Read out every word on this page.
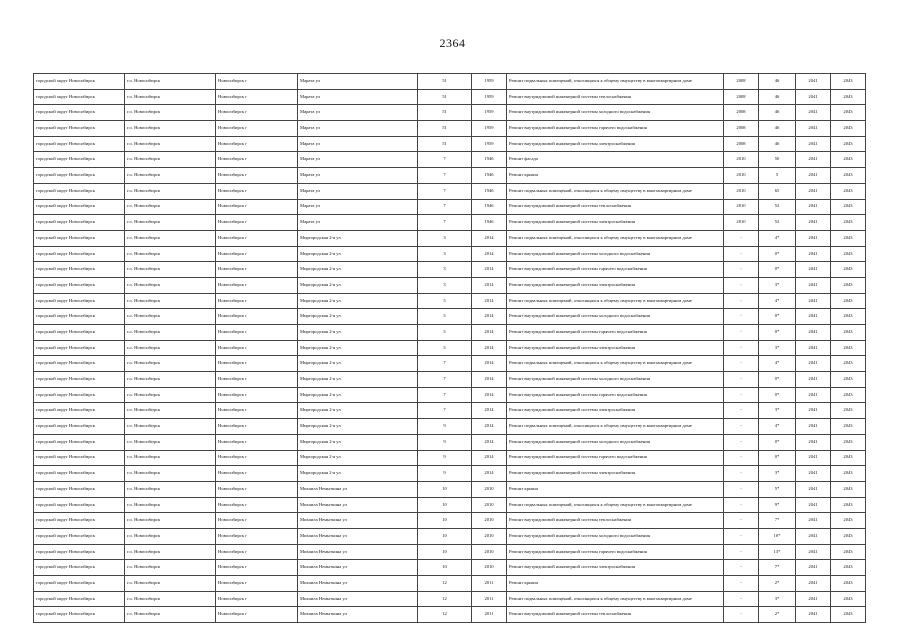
2364
городской округ Новосибирск	г.о. Новосибирск	Новосибирск г	Марата ул	51	1959	Ремонт подвальных помещений, относящихся к общему имуществу в многоквартирном доме	2008	46	2041	2043
городской округ Новосибирск	г.о. Новосибирск	Новосибирск г	Марата ул	51	1959	Ремонт внутридомовой инженерной системы теплоснабжения	2008	46	2041	2043
городской округ Новосибирск	г.о. Новосибирск	Новосибирск г	Марата ул	51	1959	Ремонт внутридомовой инженерной системы холодного водоснабжения	2008	46	2041	2043
городской округ Новосибирск	г.о. Новосибирск	Новосибирск г	Марата ул	51	1959	Ремонт внутридомовой инженерной системы горячего водоснабжения	2008	46	2041	2043
городской округ Новосибирск	г.о. Новосибирск	Новосибирск г	Марата ул	51	1959	Ремонт внутридомовой инженерной системы электроснабжения	2008	46	2041	2043
городской округ Новосибирск	г.о. Новосибирск	Новосибирск г	Марата ул	7	1946	Ремонт фасада	2010	50	2041	2043
городской округ Новосибирск	г.о. Новосибирск	Новосибирск г	Марата ул	7	1946	Ремонт крыши	2010	5	2041	2043
городской округ Новосибирск	г.о. Новосибирск	Новосибирск г	Марата ул	7	1946	Ремонт подвальных помещений, относящихся к общему имуществу в многоквартирном доме	2010	65	2041	2043
городской округ Новосибирск	г.о. Новосибирск	Новосибирск г	Марата ул	7	1946	Ремонт внутридомовой инженерной системы теплоснабжения	2010	52	2041	2043
городской округ Новосибирск	г.о. Новосибирск	Новосибирск г	Марата ул	7	1946	Ремонт внутридомовой инженерной системы электроснабжения	2010	52	2041	2043
городской округ Новосибирск	г.о. Новосибирск	Новосибирск г	Миргородская 2-я ул	3	2014	Ремонт подвальных помещений, относящихся к общему имуществу в многоквартирном доме	-	4*	2041	2043
городской округ Новосибирск	г.о. Новосибирск	Новосибирск г	Миргородская 2-я ул	3	2014	Ремонт внутридомовой инженерной системы холодного водоснабжения	-	0*	2041	2043
городской округ Новосибирск	г.о. Новосибирск	Новосибирск г	Миргородская 2-я ул	3	2014	Ремонт внутридомовой инженерной системы горячего водоснабжения	-	0*	2041	2043
городской округ Новосибирск	г.о. Новосибирск	Новосибирск г	Миргородская 2-я ул	3	2014	Ремонт внутридомовой инженерной системы электроснабжения	-	3*	2041	2043
городской округ Новосибирск	г.о. Новосибирск	Новосибирск г	Миргородская 2-я ул	5	2014	Ремонт подвальных помещений, относящихся к общему имуществу в многоквартирном доме	-	4*	2041	2043
городской округ Новосибирск	г.о. Новосибирск	Новосибирск г	Миргородская 2-я ул	5	2014	Ремонт внутридомовой инженерной системы холодного водоснабжения	-	0*	2041	2043
городской округ Новосибирск	г.о. Новосибирск	Новосибирск г	Миргородская 2-я ул	5	2014	Ремонт внутридомовой инженерной системы горячего водоснабжения	-	0*	2041	2043
городской округ Новосибирск	г.о. Новосибирск	Новосибирск г	Миргородская 2-я ул	5	2014	Ремонт внутридомовой инженерной системы электроснабжения	-	3*	2041	2043
городской округ Новосибирск	г.о. Новосибирск	Новосибирск г	Миргородская 2-я ул	7	2014	Ремонт подвальных помещений, относящихся к общему имуществу в многоквартирном доме	-	4*	2041	2043
городской округ Новосибирск	г.о. Новосибирск	Новосибирск г	Миргородская 2-я ул	7	2014	Ремонт внутридомовой инженерной системы холодного водоснабжения	-	0*	2041	2043
городской округ Новосибирск	г.о. Новосибирск	Новосибирск г	Миргородская 2-я ул	7	2014	Ремонт внутридомовой инженерной системы горячего водоснабжения	-	0*	2041	2043
городской округ Новосибирск	г.о. Новосибирск	Новосибирск г	Миргородская 2-я ул	7	2014	Ремонт внутридомовой инженерной системы электроснабжения	-	3*	2041	2043
городской округ Новосибирск	г.о. Новосибирск	Новосибирск г	Миргородская 2-я ул	9	2014	Ремонт подвальных помещений, относящихся к общему имуществу в многоквартирном доме	-	4*	2041	2043
городской округ Новосибирск	г.о. Новосибирск	Новосибирск г	Миргородская 2-я ул	9	2014	Ремонт внутридомовой инженерной системы холодного водоснабжения	-	0*	2041	2043
городской округ Новосибирск	г.о. Новосибирск	Новосибирск г	Миргородская 2-я ул	9	2014	Ремонт внутридомовой инженерной системы горячего водоснабжения	-	0*	2041	2043
городской округ Новосибирск	г.о. Новосибирск	Новосибирск г	Миргородская 2-я ул	9	2014	Ремонт внутридомовой инженерной системы электроснабжения	-	3*	2041	2043
городской округ Новосибирск	г.о. Новосибирск	Новосибирск г	Михаила Немыткина ул	10	2010	Ремонт крыши	-	5*	2041	2043
городской округ Новосибирск	г.о. Новосибирск	Новосибирск г	Михаила Немыткина ул	10	2010	Ремонт подвальных помещений, относящихся к общему имуществу в многоквартирном доме	-	9*	2041	2043
городской округ Новосибирск	г.о. Новосибирск	Новосибирск г	Михаила Немыткина ул	10	2010	Ремонт внутридомовой инженерной системы теплоснабжения	-	7*	2041	2043
городской округ Новосибирск	г.о. Новосибирск	Новосибирск г	Михаила Немыткина ул	10	2010	Ремонт внутридомовой инженерной системы холодного водоснабжения	-	10*	2041	2043
городской округ Новосибирск	г.о. Новосибирск	Новосибирск г	Михаила Немыткина ул	10	2010	Ремонт внутридомовой инженерной системы горячего водоснабжения	-	13*	2041	2043
городской округ Новосибирск	г.о. Новосибирск	Новосибирск г	Михаила Немыткина ул	10	2010	Ремонт внутридомовой инженерной системы электроснабжения	-	7*	2041	2043
городской округ Новосибирск	г.о. Новосибирск	Новосибирск г	Михаила Немыткина ул	12	2011	Ремонт крыши	-	2*	2041	2043
городской округ Новосибирск	г.о. Новосибирск	Новосибирск г	Михаила Немыткина ул	12	2011	Ремонт подвальных помещений, относящихся к общему имуществу в многоквартирном доме	-	3*	2041	2043
городской округ Новосибирск	г.о. Новосибирск	Новосибирск г	Михаила Немыткина ул	12	2011	Ремонт внутридомовой инженерной системы теплоснабжения	-	2*	2041	2043
